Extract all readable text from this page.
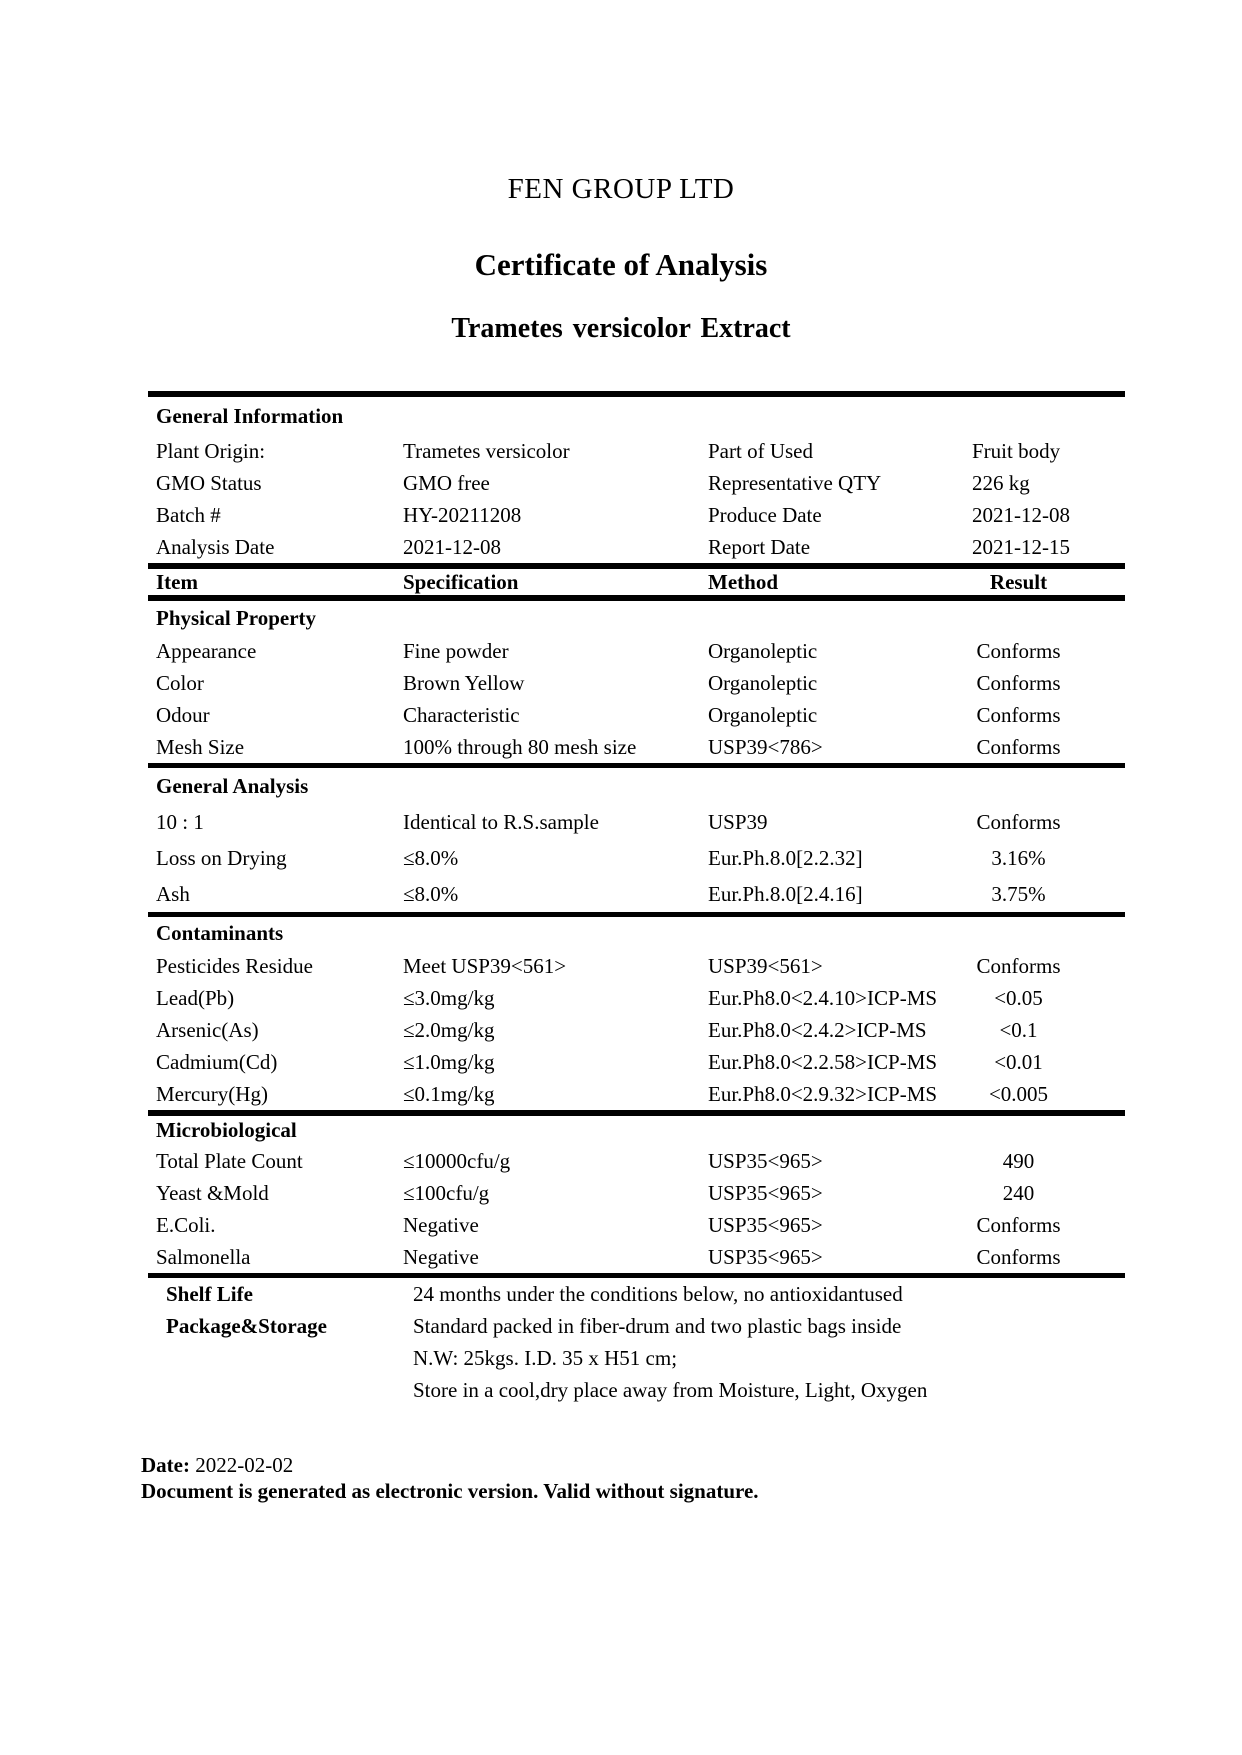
FEN GROUP LTD
Certificate of Analysis
Trametes versicolor Extract
General Information
Plant Origin:	Trametes versicolor	Part of Used	Fruit body
GMO Status	GMO free	Representative QTY	226 kg
Batch #	HY-20211208	Produce Date	2021-12-08
Analysis Date	2021-12-08	Report Date	2021-12-15
Item	Specification	Method	Result
Physical Property
Appearance	Fine powder	Organoleptic	Conforms
Color	Brown Yellow	Organoleptic	Conforms
Odour	Characteristic	Organoleptic	Conforms
Mesh Size	100% through 80 mesh size	USP39<786>	Conforms
General Analysis
10 : 1	Identical to R.S.sample	USP39	Conforms
Loss on Drying	≤8.0%	Eur.Ph.8.0[2.2.32]	3.16%
Ash	≤8.0%	Eur.Ph.8.0[2.4.16]	3.75%
Contaminants
Pesticides Residue	Meet USP39<561>	USP39<561>	Conforms
Lead(Pb)	≤3.0mg/kg	Eur.Ph8.0<2.4.10>ICP-MS	<0.05
Arsenic(As)	≤2.0mg/kg	Eur.Ph8.0<2.4.2>ICP-MS	<0.1
Cadmium(Cd)	≤1.0mg/kg	Eur.Ph8.0<2.2.58>ICP-MS	<0.01
Mercury(Hg)	≤0.1mg/kg	Eur.Ph8.0<2.9.32>ICP-MS	<0.005
Microbiological
Total Plate Count	≤10000cfu/g	USP35<965>	490
Yeast &Mold	≤100cfu/g	USP35<965>	240
E.Coli.	Negative	USP35<965>	Conforms
Salmonella	Negative	USP35<965>	Conforms
Shelf Life	24 months under the conditions below, no antioxidantused
Package&Storage	Standard packed in fiber-drum and two plastic bags inside
N.W: 25kgs. I.D. 35 x H51 cm;
Store in a cool,dry place away from Moisture, Light, Oxygen
Date: 2022-02-02
Document is generated as electronic version. Valid without signature.
